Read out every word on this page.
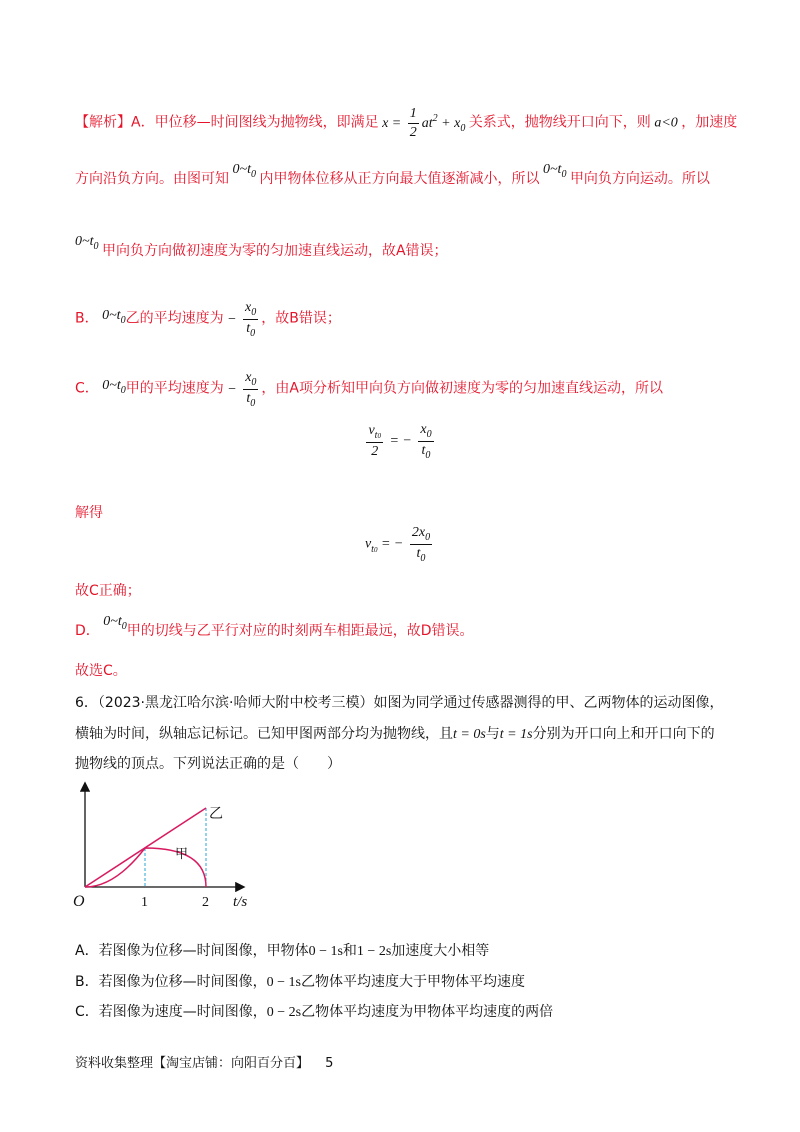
【解析】A．甲位移—时间图线为抛物线，即满足 $x = \frac{1}{2} at^2 + x_0$ 关系式，抛物线开口向下，则 a<0 ，加速度
方向沿负方向。由图可知 $0\sim t_0$ 内甲物体位移从正方向最大值逐渐减小，所以 $0\sim t_0$ 甲向负方向运动。所以
$0\sim t_0$ 甲向负方向做初速度为零的匀加速直线运动，故A错误；
B． $0\sim t_0$乙的平均速度为 − $\frac{x_0}{t_0}$ ，故B错误；
C． $0\sim t_0$甲的平均速度为 − $\frac{x_0}{t_0}$ ，由A项分析知甲向负方向做初速度为零的匀加速直线运动，所以
$\frac{v_{t0}}{2}$ = − $\frac{x_0}{t_0}$
解得
$v_{t0}$ = − $\frac{2x_0}{t_0}$
故C正确；
D． $0\sim t_0$甲的切线与乙平行对应的时刻两车相距最远，故D错误。
故选C。
6．（2023·黑龙江哈尔滨·哈师大附中校考三模）如图为同学通过传感器测得的甲、乙两物体的运动图像，
横轴为时间，纵轴忘记标记。已知甲图两部分均为抛物线，且t = 0s与t = 1s分别为开口向上和开口向下的
抛物线的顶点。下列说法正确的是（　　）
乙
甲
O	1	2 t/s
A．若图像为位移—时间图像，甲物体0 − 1s和1 − 2s加速度大小相等
B．若图像为位移—时间图像，0 − 1s乙物体平均速度大于甲物体平均速度
C．若图像为速度—时间图像，0 − 2s乙物体平均速度为甲物体平均速度的两倍
资料收集整理【淘宝店铺：向阳百分百】 5
